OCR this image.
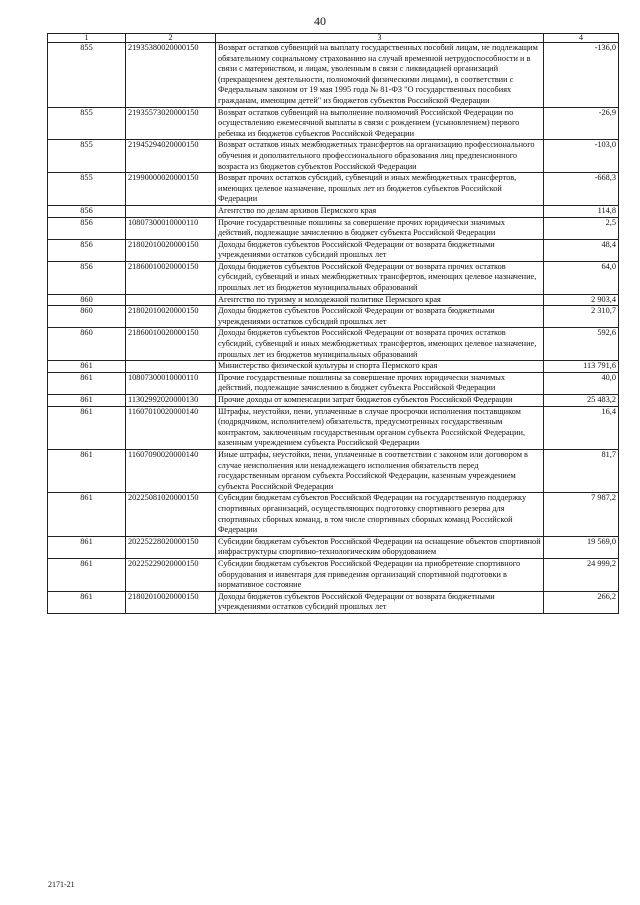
40
1	2	3	4
855	21935380020000150	Возврат остатков субвенций на выплату государственных пособий лицам, не подлежащим обязательному социальному страхованию на случай временной нетрудоспособности и в связи с материнством, и лицам, уволенным в связи с ликвидацией организаций (прекращением деятельности, полномочий физическими лицами), в соответствии с Федеральным законом от 19 мая 1995 года № 81-ФЗ "О государственных пособиях гражданам, имеющим детей" из бюджетов субъектов Российской Федерации	-136,0
855	21935573020000150	Возврат остатков субвенций на выполнение полномочий Российской Федерации по осуществлению ежемесячной выплаты в связи с рождением (усыновлением) первого ребенка из бюджетов субъектов Российской Федерации	-26,9
855	21945294020000150	Возврат остатков иных межбюджетных трансфертов на организацию профессионального обучения и дополнительного профессионального образования лиц предпенсионного возраста из бюджетов субъектов Российской Федерации	-103,0
855	21990000020000150	Возврат прочих остатков субсидий, субвенций и иных межбюджетных трансфертов, имеющих целевое назначение, прошлых лет из бюджетов субъектов Российской Федерации	-668,3
856		Агентство по делам архивов Пермского края	114,8
856	10807300010000110	Прочие государственные пошлины за совершение прочих юридически значимых действий, подлежащие зачислению в бюджет субъекта Российской Федерации	2,5
856	21802010020000150	Доходы бюджетов субъектов Российской Федерации от возврата бюджетными учреждениями остатков субсидий прошлых лет	48,4
856	21860010020000150	Доходы бюджетов субъектов Российской Федерации от возврата прочих остатков субсидий, субвенций и иных межбюджетных трансфертов, имеющих целевое назначение, прошлых лет из бюджетов муниципальных образований	64,0
860		Агентство по туризму и молодежной политике Пермского края	2 903,4
860	21802010020000150	Доходы бюджетов субъектов Российской Федерации от возврата бюджетными учреждениями остатков субсидий прошлых лет	2 310,7
860	21860010020000150	Доходы бюджетов субъектов Российской Федерации от возврата прочих остатков субсидий, субвенций и иных межбюджетных трансфертов, имеющих целевое назначение, прошлых лет из бюджетов муниципальных образований	592,6
861		Министерство физической культуры и спорта Пермского края	113 791,6
861	10807300010000110	Прочие государственные пошлины за совершение прочих юридически значимых действий, подлежащие зачислению в бюджет субъекта Российской Федерации	40,0
861	11302992020000130	Прочие доходы от компенсации затрат бюджетов субъектов Российской Федерации	25 483,2
861	11607010020000140	Штрафы, неустойки, пени, уплаченные в случае просрочки исполнения поставщиком (подрядчиком, исполнителем) обязательств, предусмотренных государственным контрактом, заключенным государственным органом субъекта Российской Федерации, казенным учреждением субъекта Российской Федерации	16,4
861	11607090020000140	Иные штрафы, неустойки, пени, уплаченные в соответствии с законом или договором в случае неисполнения или ненадлежащего исполнения обязательств перед государственным органом субъекта Российской Федерации, казенным учреждением субъекта Российской Федерации	81,7
861	20225081020000150	Субсидии бюджетам субъектов Российской Федерации на государственную поддержку спортивных организаций, осуществляющих подготовку спортивного резерва для спортивных сборных команд, в том числе спортивных сборных команд Российской Федерации	7 987,2
861	20225228020000150	Субсидии бюджетам субъектов Российской Федерации на оснащение объектов спортивной инфраструктуры спортивно-технологическим оборудованием	19 569,0
861	20225229020000150	Субсидии бюджетам субъектов Российской Федерации на приобретение спортивного оборудования и инвентаря для приведения организаций спортивной подготовки в нормативное состояние	24 999,2
861	21802010020000150	Доходы бюджетов субъектов Российской Федерации от возврата бюджетными учреждениями остатков субсидий прошлых лет	266,2
2171-21
